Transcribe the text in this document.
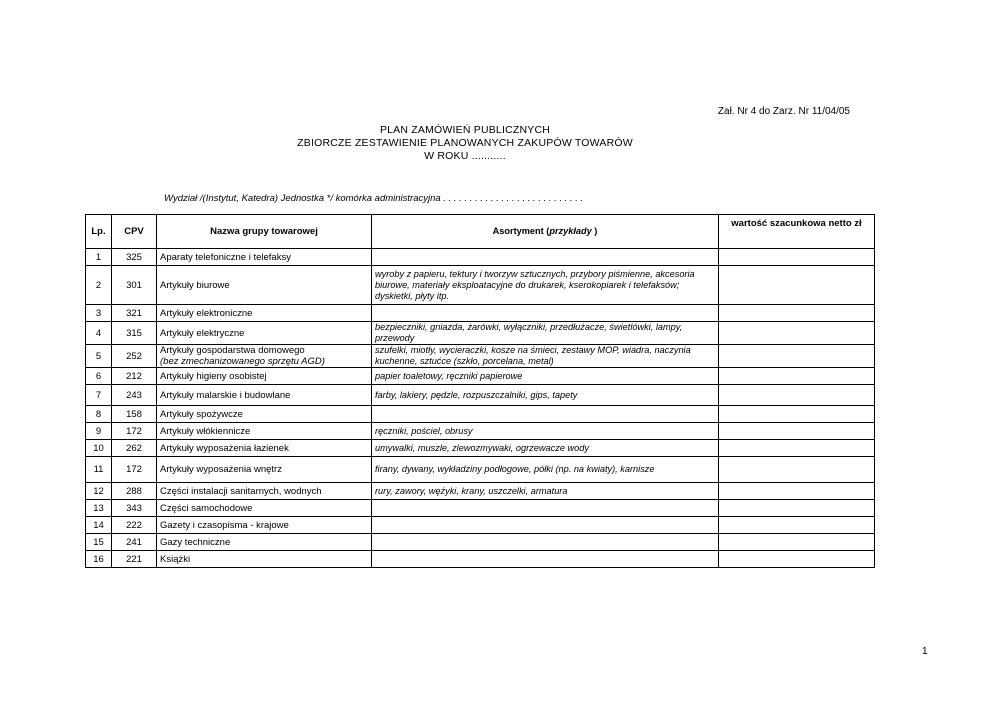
Zał. Nr 4 do Zarz. Nr 11/04/05
PLAN ZAMÓWIEŃ PUBLICZNYCH
ZBIORCZE ZESTAWIENIE PLANOWANYCH ZAKUPÓW TOWARÓW
W ROKU ...........
Wydział /(Instytut, Katedra) Jednostka */ komórka administracyjna . . . . . . . . . . . . . . . . . . . . . . . . . . .
Lp.	CPV	Nazwa grupy towarowej	Asortyment (przykłady )	wartość szacunkowa netto zł
1	325	Aparaty telefoniczne i telefaksy		

2	301	Artykuły biurowe	wyroby z papieru, tektury i tworzyw sztucznych, przybory piśmienne, akcesoria biurowe, materiały eksploatacyjne do drukarek, kserokopiarek i telefaksów; dyskietki, płyty itp.	
3	321	Artykuły elektroniczne		

4	315	Artykuły elektryczne	bezpieczniki, gniazda, żarówki, wyłączniki, przedłużacze, świetlówki, lampy, przewody	
5	252	Artykuły gospodarstwa domowego
(bez zmechanizowanego sprzętu AGD)	szufelki, miotły, wycieraczki, kosze na śmieci, zestawy MOP, wiadra, naczynia kuchenne, sztućce (szkło, porcelana, metal)	
6	212	Artykuły higieny osobistej	papier toaletowy, ręczniki papierowe	
7	243	Artykuły malarskie i budowlane	farby, lakiery, pędzle, rozpuszczalniki, gips, tapety	
8	158	Artykuły spożywcze		

9	172	Artykuły włókiennicze	ręczniki, pościel, obrusy	
10	262	Artykuły wyposażenia łazienek	umywalki, muszle, zlewozmywaki, ogrzewacze wody	
11	172	Artykuły wyposażenia wnętrz	firany, dywany, wykładziny podłogowe, półki (np. na kwiaty), karnisze	
12	288	Części instalacji sanitarnych, wodnych	rury, zawory, wężyki, krany, uszczelki, armatura	
13	343	Części samochodowe		

14	222	Gazety i czasopisma - krajowe		

15	241	Gazy techniczne		

16	221	Książki		

1
